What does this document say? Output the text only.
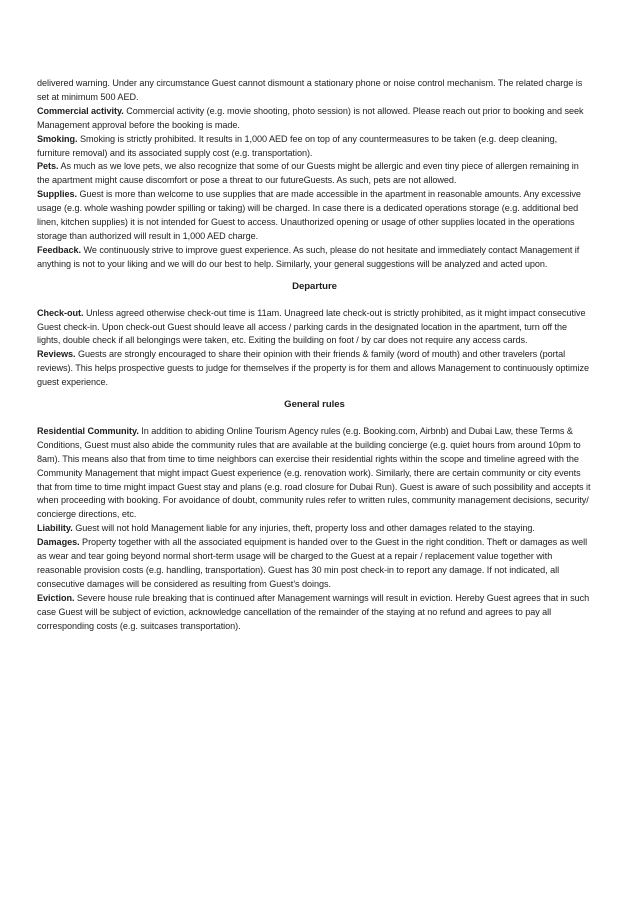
delivered warning. Under any circumstance Guest cannot dismount a stationary phone or noise control mechanism. The related charge is set at minimum 500 AED.

Commercial activity. Commercial activity (e.g. movie shooting, photo session) is not allowed. Please reach out prior to booking and seek Management approval before the booking is made.

Smoking. Smoking is strictly prohibited. It results in 1,000 AED fee on top of any countermeasures to be taken (e.g. deep cleaning, furniture removal) and its associated supply cost (e.g. transportation).

Pets. As much as we love pets, we also recognize that some of our Guests might be allergic and even tiny piece of allergen remaining in the apartment might cause discomfort or pose a threat to our futureGuests. As such, pets are not allowed.

Supplies. Guest is more than welcome to use supplies that are made accessible in the apartment in reasonable amounts. Any excessive usage (e.g. whole washing powder spilling or taking) will be charged. In case there is a dedicated operations storage (e.g. additional bed linen, kitchen supplies) it is not intended for Guest to access. Unauthorized opening or usage of other supplies located in the operations storage than authorized will result in 1,000 AED charge.

Feedback. We continuously strive to improve guest experience. As such, please do not hesitate and immediately contact Management if anything is not to your liking and we will do our best to help. Similarly, your general suggestions will be analyzed and acted upon.

Departure

Check-out. Unless agreed otherwise check-out time is 11am. Unagreed late check-out is strictly prohibited, as it might impact consecutive Guest check-in. Upon check-out Guest should leave all access / parking cards in the designated location in the apartment, turn off the lights, double check if all belongings were taken, etc. Exiting the building on foot / by car does not require any access cards.

Reviews. Guests are strongly encouraged to share their opinion with their friends & family (word of mouth) and other travelers (portal reviews). This helps prospective guests to judge for themselves if the property is for them and allows Management to continuously optimize guest experience.

General rules

Residential Community. In addition to abiding Online Tourism Agency rules (e.g. Booking.com, Airbnb) and Dubai Law, these Terms & Conditions, Guest must also abide the community rules that are available at the building concierge (e.g. quiet hours from around 10pm to 8am). This means also that from time to time neighbors can exercise their residential rights within the scope and timeline agreed with the Community Management that might impact Guest experience (e.g. renovation work). Similarly, there are certain community or city events that from time to time might impact Guest stay and plans (e.g. road closure for Dubai Run). Guest is aware of such possibility and accepts it when proceeding with booking. For avoidance of doubt, community rules refer to written rules, community management decisions, security/ concierge directions, etc.

Liability. Guest will not hold Management liable for any injuries, theft, property loss and other damages related to the staying.

Damages. Property together with all the associated equipment is handed over to the Guest in the right condition. Theft or damages as well as wear and tear going beyond normal short-term usage will be charged to the Guest at a repair / replacement value together with reasonable provision costs (e.g. handling, transportation). Guest has 30 min post check-in to report any damage. If not indicated, all consecutive damages will be considered as resulting from Guest’s doings.

Eviction. Severe house rule breaking that is continued after Management warnings will result in eviction. Hereby Guest agrees that in such case Guest will be subject of eviction, acknowledge cancellation of the remainder of the staying at no refund and agrees to pay all corresponding costs (e.g. suitcases transportation).
